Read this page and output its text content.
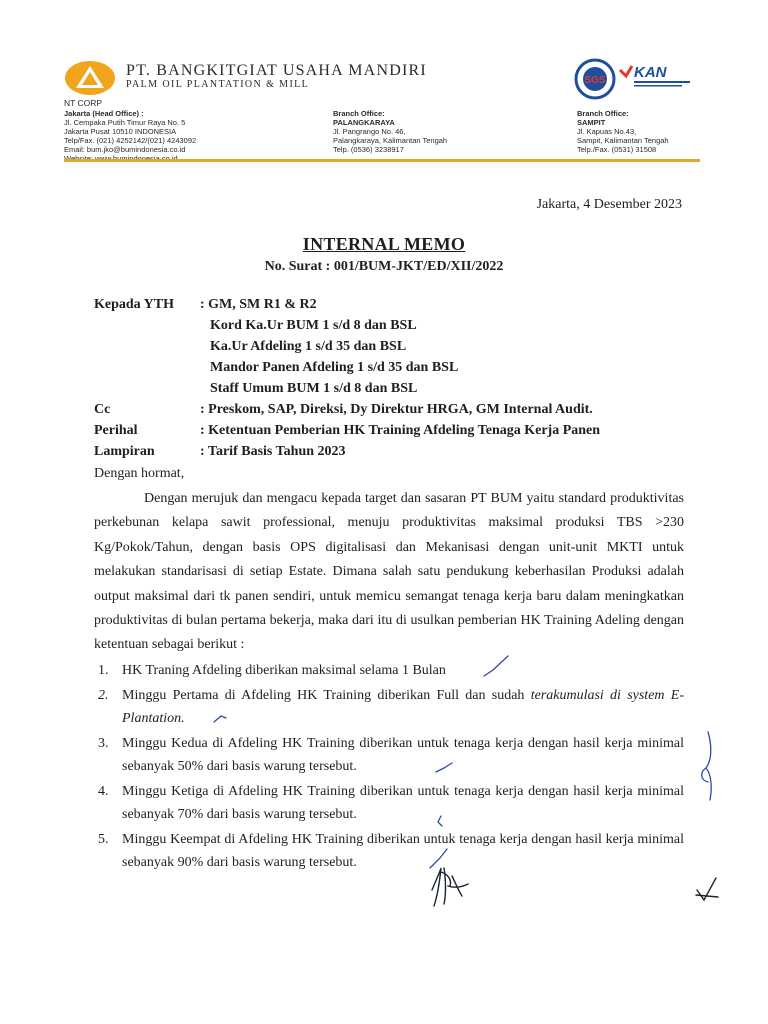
PT. BANGKITGIAT USAHA MANDIRI
PALM OIL PLANTATION & MILL
NT CORP
Jakarta (Head Office) :
Jl. Cempaka Putih Timur Raya No. 5
Jakarta Pusat 10510 INDONESIA
Telp/Fax. (021) 4252142/(021) 4243092
Email: bum.jko@bumindonesia.co.id
Branch Office:
PALANGKARAYA
Jl. Pangrango No. 46,
Palangkaraya, Kalimantan Tengah
Telp. (0536) 3238917
Branch Office:
SAMPIT
Jl. Kapuas No.43,
Sampit, Kalimantan Tengah
Telp./Fax. (0531) 31508
SGS KAN
Jakarta, 4 Desember 2023
INTERNAL MEMO
No. Surat : 001/BUM-JKT/ED/XII/2022
Kepada YTH : GM, SM R1 & R2
Kord Ka.Ur BUM 1 s/d 8 dan BSL
Ka.Ur Afdeling 1 s/d 35 dan BSL
Mandor Panen Afdeling 1 s/d 35 dan BSL
Staff Umum BUM 1 s/d 8 dan BSL
Cc	: Preskom, SAP, Direksi, Dy Direktur HRGA, GM Internal Audit.
Perihal	: Ketentuan Pemberian HK Training Afdeling Tenaga Kerja Panen
Lampiran	: Tarif Basis Tahun 2023
Dengan hormat,
Dengan merujuk dan mengacu kepada target dan sasaran PT BUM yaitu standard produktivitas perkebunan kelapa sawit professional, menuju produktivitas maksimal produksi TBS >230 Kg/Pokok/Tahun, dengan basis OPS digitalisasi dan Mekanisasi dengan unit-unit MKTI untuk melakukan standarisasi di setiap Estate. Dimana salah satu pendukung keberhasilan Produksi adalah output maksimal dari tk panen sendiri, untuk memicu semangat tenaga kerja baru dalam meningkatkan produktivitas di bulan pertama bekerja, maka dari itu di usulkan pemberian HK Training Adeling dengan ketentuan sebagai berikut :
1. HK Traning Afdeling diberikan maksimal selama 1 Bulan
2. Minggu Pertama di Afdeling HK Training diberikan Full dan sudah terakumulasi di system E-Plantation.
3. Minggu Kedua di Afdeling HK Training diberikan untuk tenaga kerja dengan hasil kerja minimal sebanyak 50% dari basis warung tersebut.
4. Minggu Ketiga di Afdeling HK Training diberikan untuk tenaga kerja dengan hasil kerja minimal sebanyak 70% dari basis warung tersebut.
5. Minggu Keempat di Afdeling HK Training diberikan untuk tenaga kerja dengan hasil kerja minimal sebanyak 90% dari basis warung tersebut.
